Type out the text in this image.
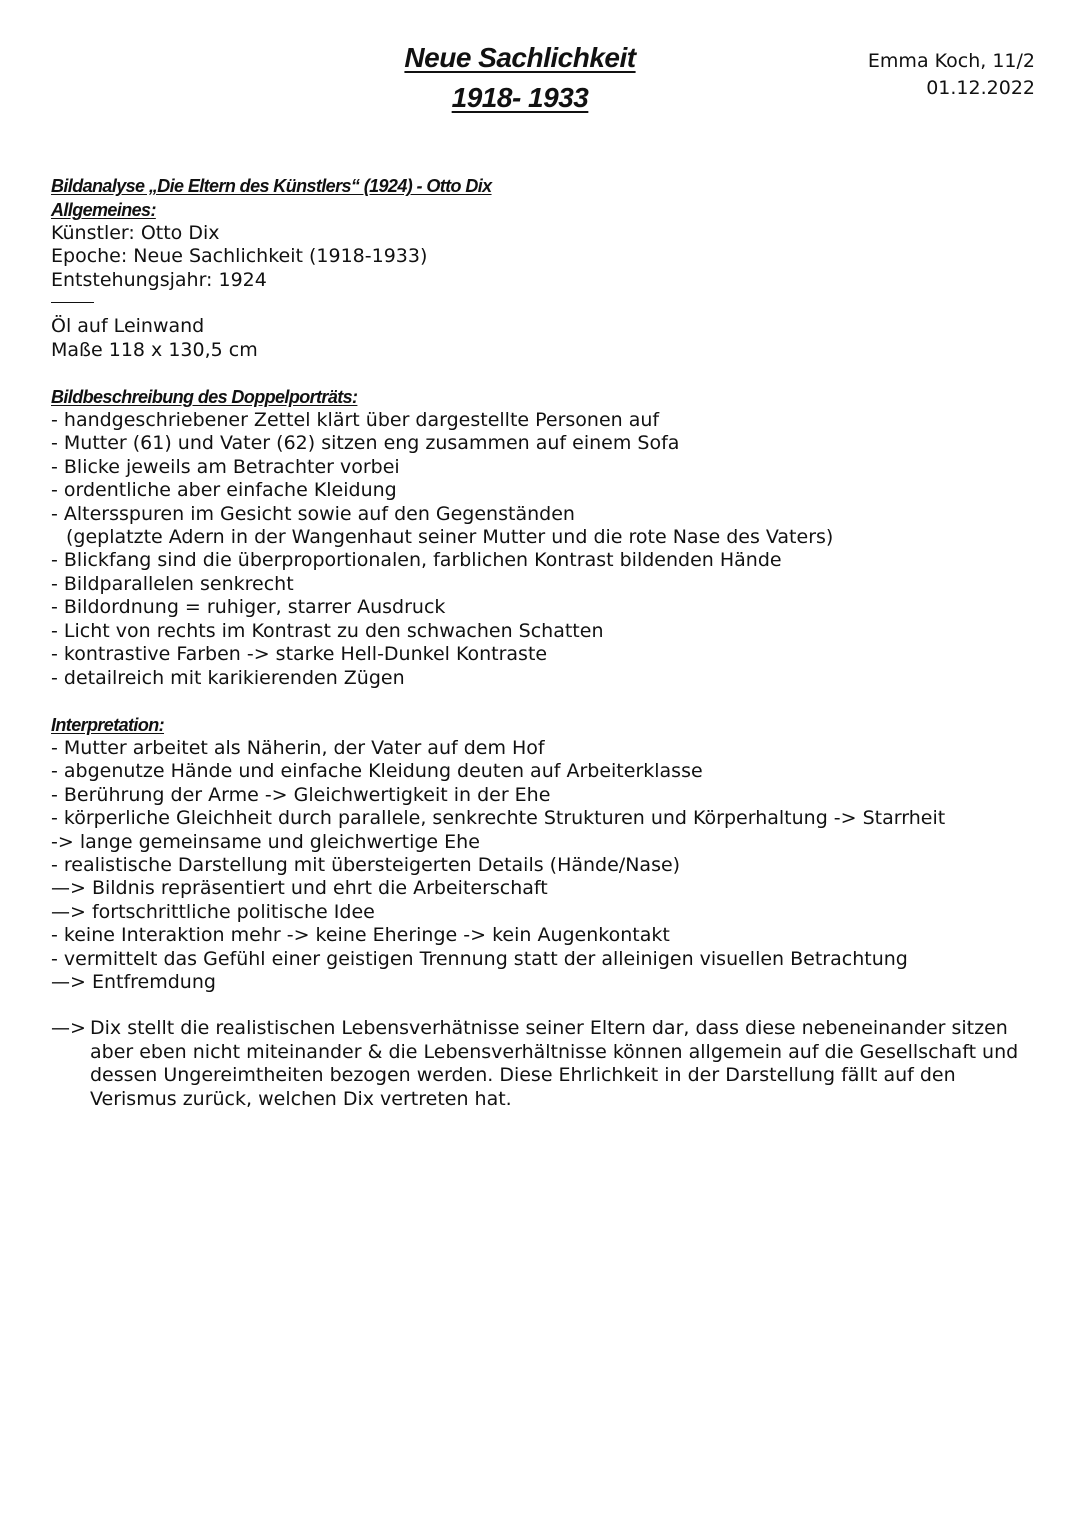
Neue Sachlichkeit
1918- 1933
Emma Koch, 11/2
01.12.2022
Bildanalyse „Die Eltern des Künstlers“ (1924) - Otto Dix
Allgemeines:
Künstler: Otto Dix
Epoche: Neue Sachlichkeit (1918-1933)
Entstehungsjahr: 1924
Öl auf Leinwand
Maße 118 x 130,5 cm
Bildbeschreibung des Doppelporträts:
- handgeschriebener Zettel klärt über dargestellte Personen auf
- Mutter (61) und Vater (62) sitzen eng zusammen auf einem Sofa
- Blicke jeweils am Betrachter vorbei
- ordentliche aber einfache Kleidung
- Altersspuren im Gesicht sowie auf den Gegenständen
(geplatzte Adern in der Wangenhaut seiner Mutter und die rote Nase des Vaters)
- Blickfang sind die überproportionalen, farblichen Kontrast bildenden Hände
- Bildparallelen senkrecht
- Bildordnung = ruhiger, starrer Ausdruck
- Licht von rechts im Kontrast zu den schwachen Schatten
- kontrastive Farben -> starke Hell-Dunkel Kontraste
- detailreich mit karikierenden Zügen
Interpretation:
- Mutter arbeitet als Näherin, der Vater auf dem Hof
- abgenutze Hände und einfache Kleidung deuten auf Arbeiterklasse
- Berührung der Arme -> Gleichwertigkeit in der Ehe
- körperliche Gleichheit durch parallele, senkrechte Strukturen und Körperhaltung -> Starrheit
-> lange gemeinsame und gleichwertige Ehe
- realistische Darstellung mit übersteigerten Details (Hände/Nase)
—> Bildnis repräsentiert und ehrt die Arbeiterschaft
—> fortschrittliche politische Idee
- keine Interaktion mehr -> keine Eheringe -> kein Augenkontakt
- vermittelt das Gefühl einer geistigen Trennung statt der alleinigen visuellen Betrachtung
—> Entfremdung
—> Dix stellt die realistischen Lebensverhätnisse seiner Eltern dar, dass diese nebeneinander sitzen aber eben nicht miteinander & die Lebensverhältnisse können allgemein auf die Gesellschaft und dessen Ungereimtheiten bezogen werden. Diese Ehrlichkeit in der Darstellung fällt auf den Verismus zurück, welchen Dix vertreten hat.
